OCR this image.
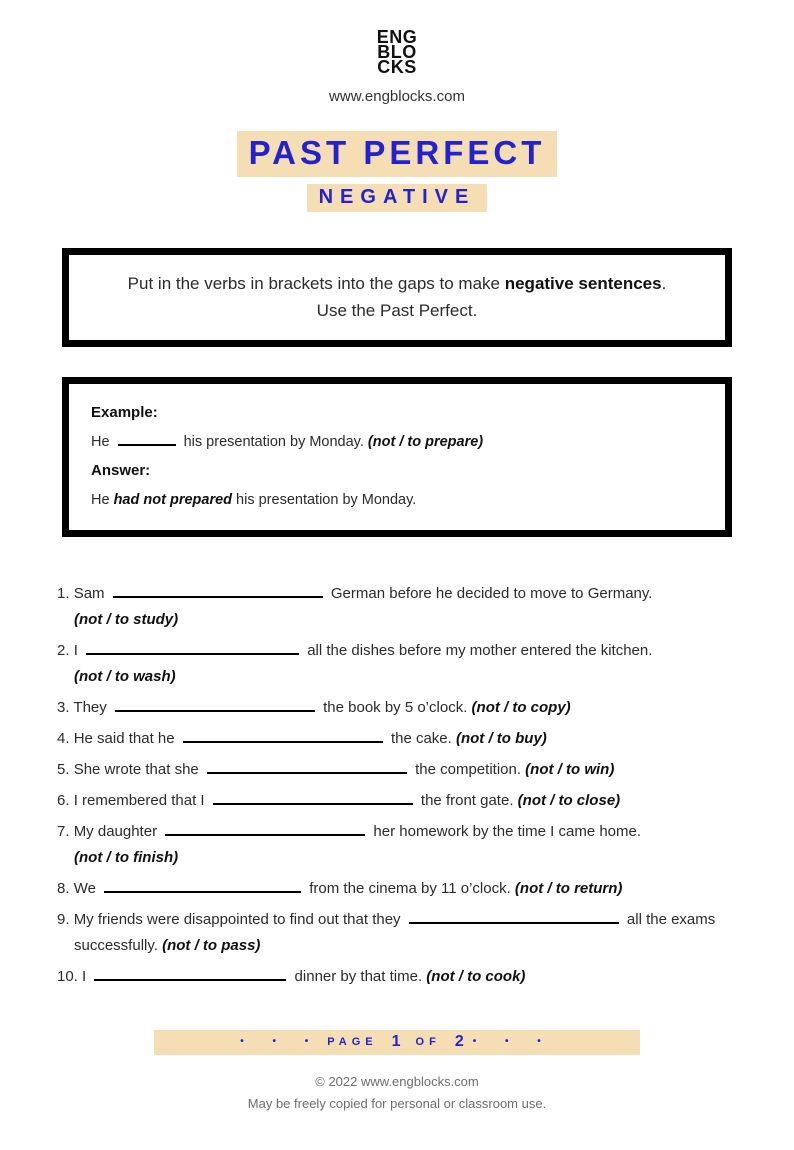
ENG
BLO
CKS
www.engblocks.com
PAST PERFECT
NEGATIVE
Put in the verbs in brackets into the gaps to make negative sentences.
Use the Past Perfect.

Example:

He	his presentation by Monday. (not / to prepare)

Answer:

He had not prepared his presentation by Monday.

1. Sam	German before he decided to move to Germany.
(not / to study)
2. I	all the dishes before my mother entered the kitchen.
(not / to wash)
3. They	the book by 5 o’clock. (not / to copy)
4. He said that he	the cake. (not / to buy)
5. She wrote that she	the competition. (not / to win)
6. I remembered that I	the front gate. (not / to close)
7. My daughter	her homework by the time I came home.
(not / to finish)
8. We	from the cinema by 11 o’clock. (not / to return)
9. My friends were disappointed to find out that they	all the exams successfully. (not / to pass)
10. I	dinner by that time. (not / to cook)
• • • PAGE 1 OF 2 • • •
© 2022 www.engblocks.com
May be freely copied for personal or classroom use.
